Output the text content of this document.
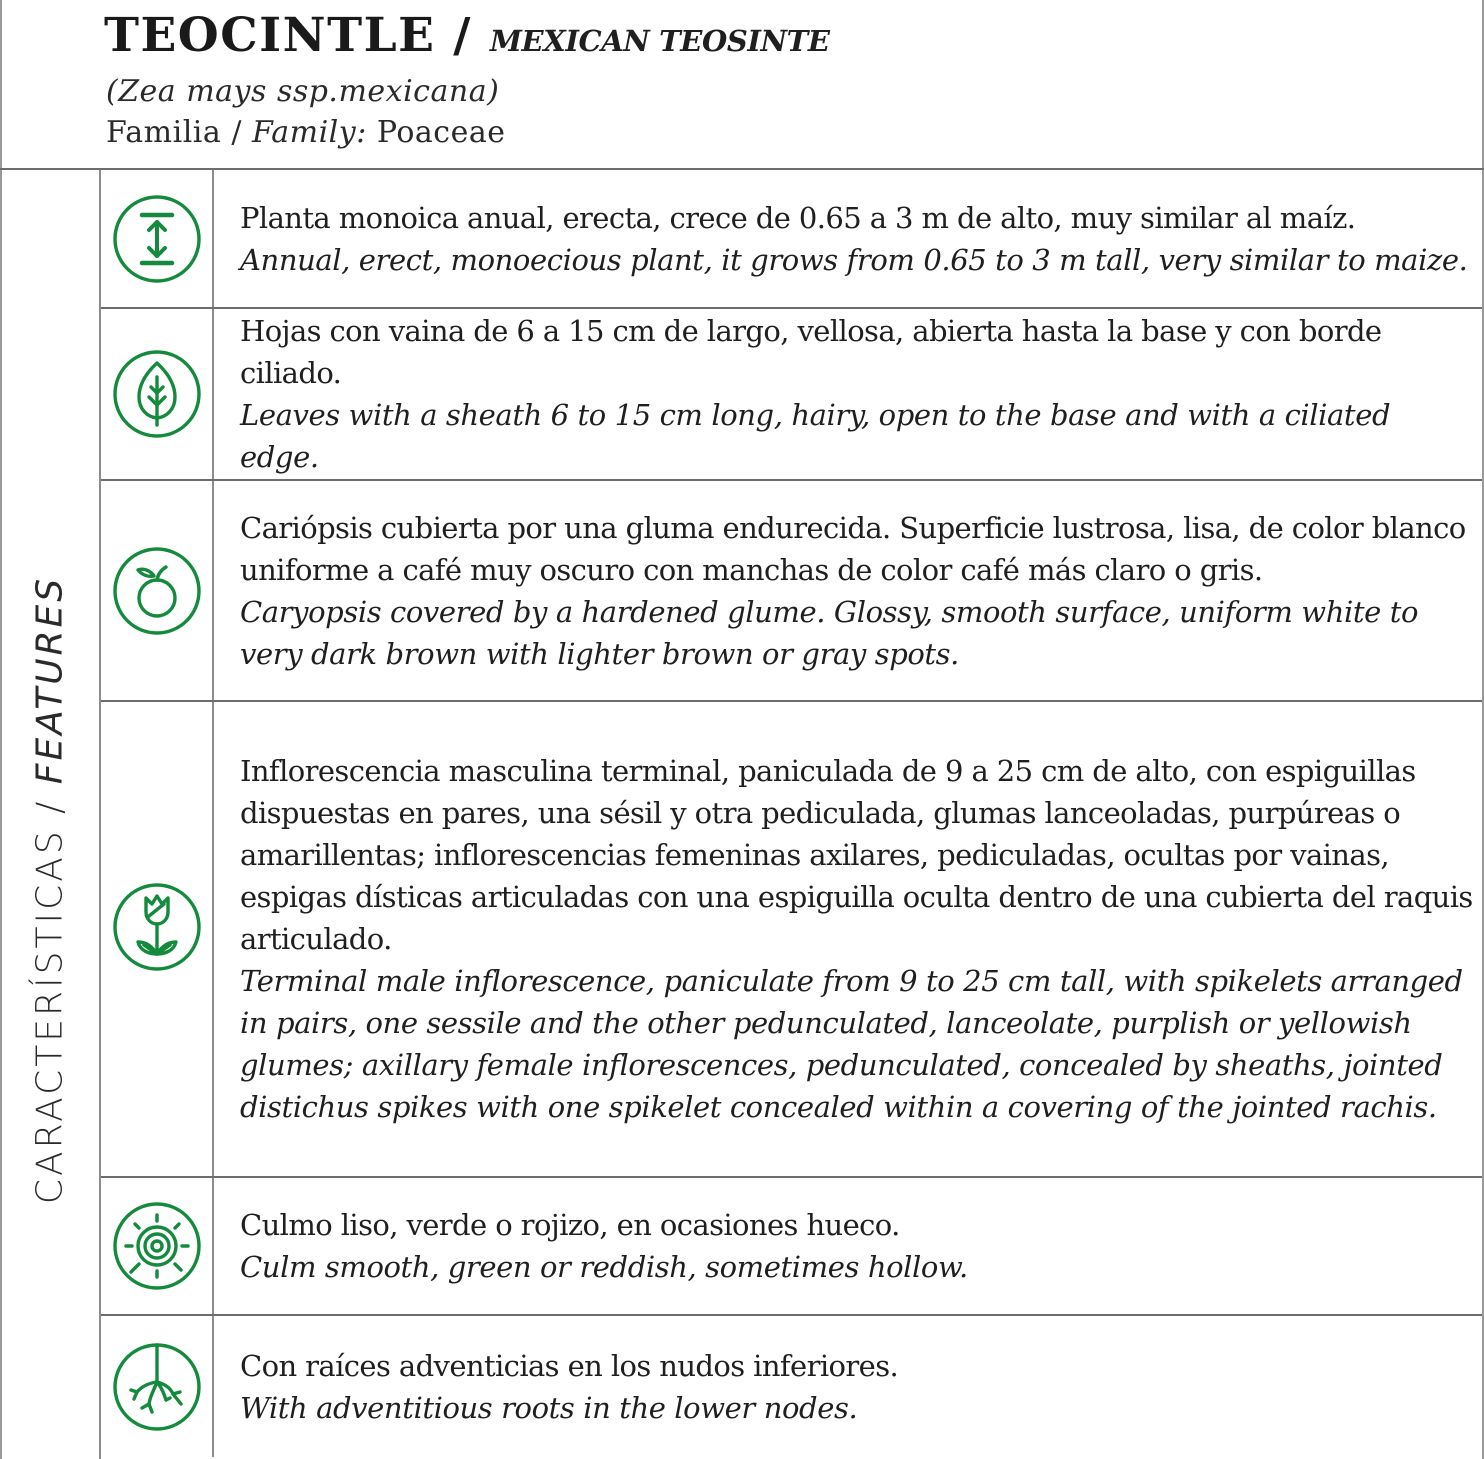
TEOCINTLE / MEXICAN TEOSINTE
(Zea mays ssp.mexicana)
Familia / Family: Poaceae
CARACTERÍSTICAS / FEATURES
Planta monoica anual, erecta, crece de 0.65 a 3 m de alto, muy similar al maíz.
Annual, erect, monoecious plant, it grows from 0.65 to 3 m tall, very similar to maize.
Hojas con vaina de 6 a 15 cm de largo, vellosa, abierta hasta la base y con borde ciliado.
Leaves with a sheath 6 to 15 cm long, hairy, open to the base and with a ciliated edge.
Cariópsis cubierta por una gluma endurecida. Superficie lustrosa, lisa, de color blanco uniforme a café muy oscuro con manchas de color café más claro o gris.
Caryopsis covered by a hardened glume. Glossy, smooth surface, uniform white to very dark brown with lighter brown or gray spots.
Inflorescencia masculina terminal, paniculada de 9 a 25 cm de alto, con espiguillas dispuestas en pares, una sésil y otra pediculada, glumas lanceoladas, purpúreas o amarillentas; inflorescencias femeninas axilares, pediculadas, ocultas por vainas, espigas dísticas articuladas con una espiguilla oculta dentro de una cubierta del raquis articulado.
Terminal male inflorescence, paniculate from 9 to 25 cm tall, with spikelets arranged in pairs, one sessile and the other pedunculated, lanceolate, purplish or yellowish glumes; axillary female inflorescences, pedunculated, concealed by sheaths, jointed distichus spikes with one spikelet concealed within a covering of the jointed rachis.
Culmo liso, verde o rojizo, en ocasiones hueco.
Culm smooth, green or reddish, sometimes hollow.
Con raíces adventicias en los nudos inferiores.
With adventitious roots in the lower nodes.
